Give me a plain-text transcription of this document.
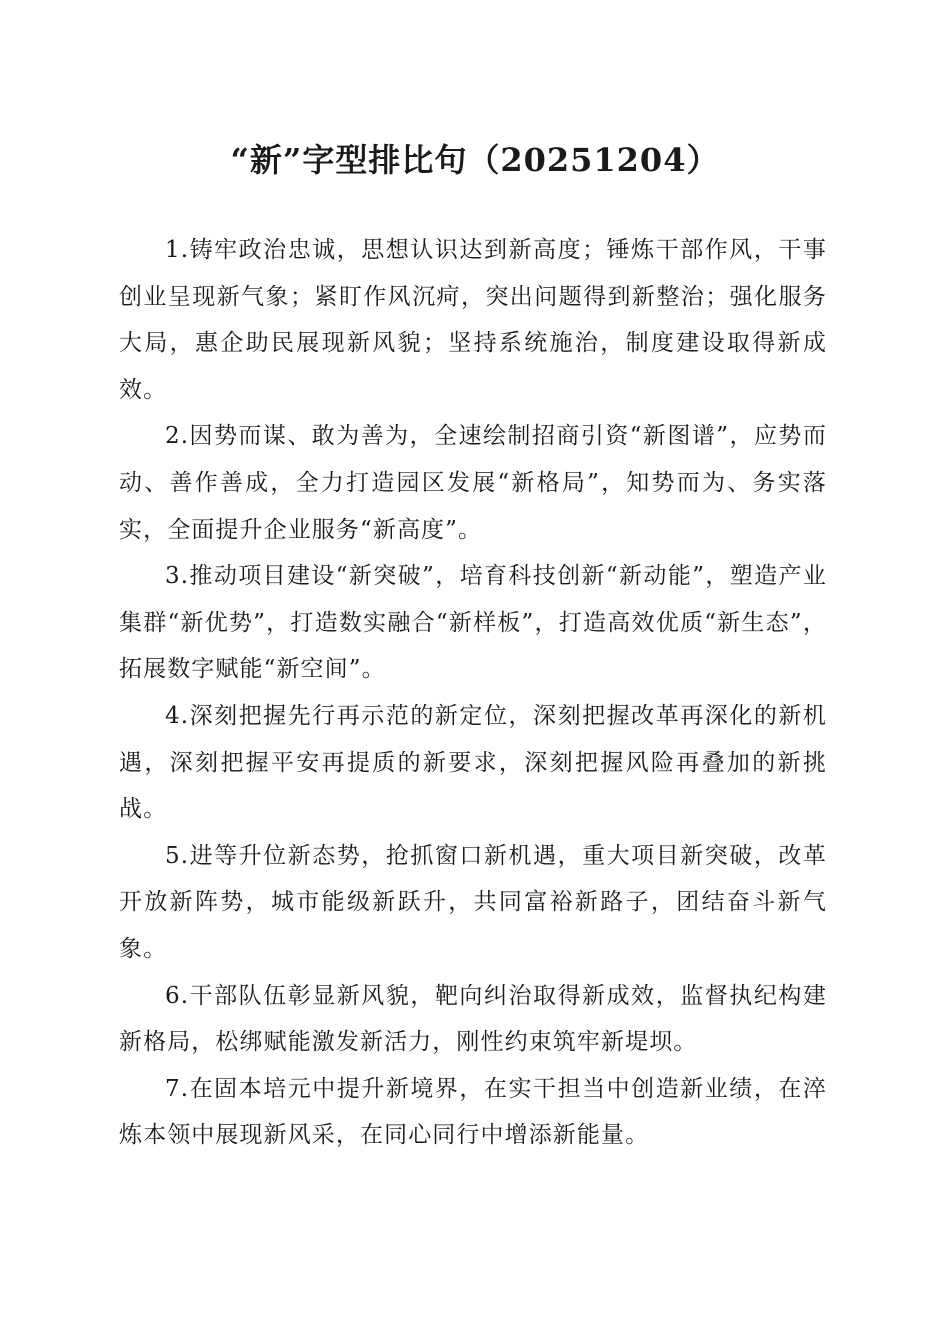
“新”字型排比句（20251204）

1.铸牢政治忠诚，思想认识达到新高度；锤炼干部作风，干事创业呈现新气象；紧盯作风沉疴，突出问题得到新整治；强化服务大局，惠企助民展现新风貌；坚持系统施治，制度建设取得新成效。

2.因势而谋、敢为善为，全速绘制招商引资“新图谱”，应势而动、善作善成，全力打造园区发展“新格局”，知势而为、务实落实，全面提升企业服务“新高度”。

3.推动项目建设“新突破”，培育科技创新“新动能”，塑造产业集群“新优势”，打造数实融合“新样板”，打造高效优质“新生态”，拓展数字赋能“新空间”。

4.深刻把握先行再示范的新定位，深刻把握改革再深化的新机遇，深刻把握平安再提质的新要求，深刻把握风险再叠加的新挑战。

5.进等升位新态势，抢抓窗口新机遇，重大项目新突破，改革开放新阵势，城市能级新跃升，共同富裕新路子，团结奋斗新气象。

6.干部队伍彰显新风貌，靶向纠治取得新成效，监督执纪构建新格局，松绑赋能激发新活力，刚性约束筑牢新堤坝。

7.在固本培元中提升新境界，在实干担当中创造新业绩，在淬炼本领中展现新风采，在同心同行中增添新能量。
